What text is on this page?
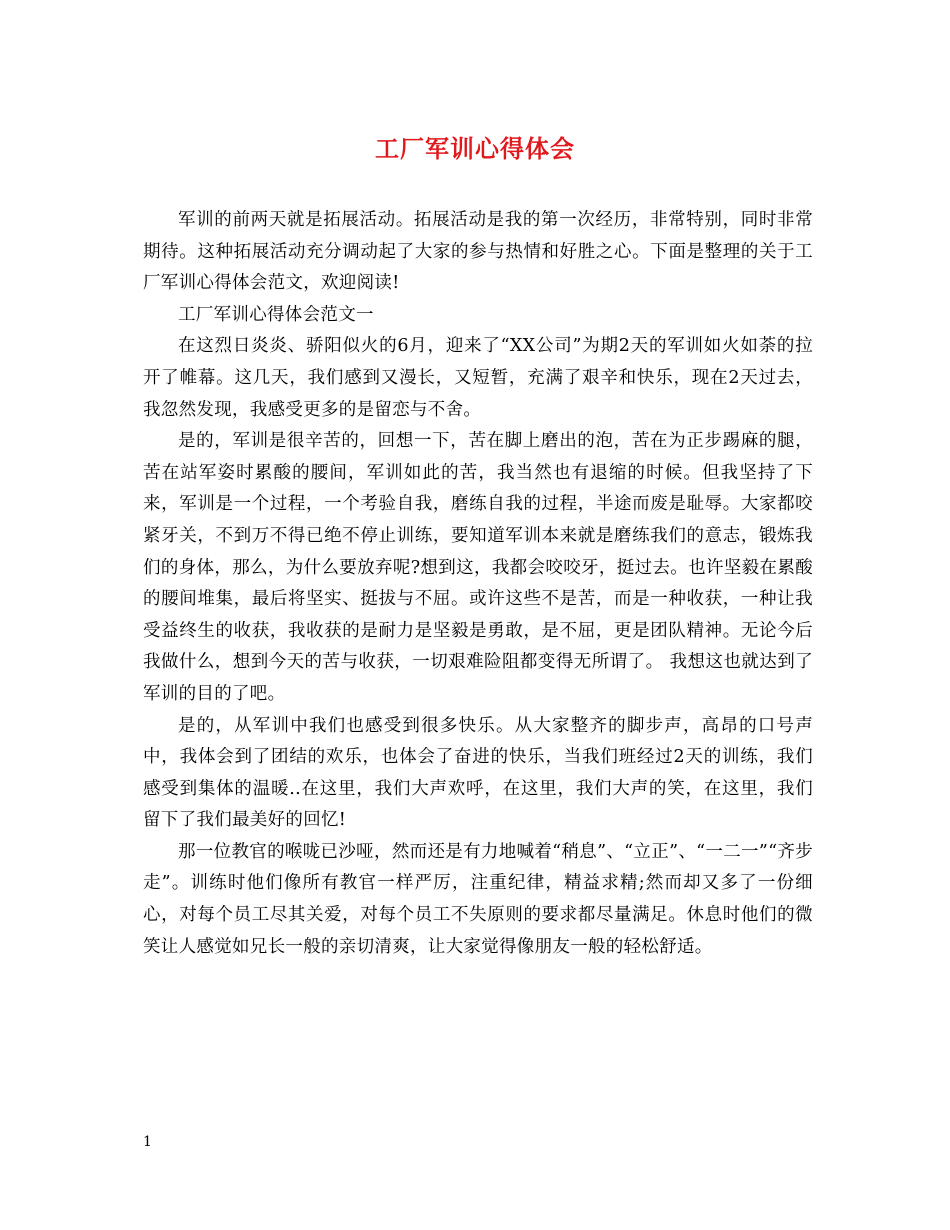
工厂军训心得体会

军训的前两天就是拓展活动。拓展活动是我的第一次经历，非常特别，同时非常期待。这种拓展活动充分调动起了大家的参与热情和好胜之心。下面是整理的关于工厂军训心得体会范文，欢迎阅读!

工厂军训心得体会范文一

在这烈日炎炎、骄阳似火的6月，迎来了“XX公司”为期2天的军训如火如荼的拉开了帷幕。这几天，我们感到又漫长，又短暂，充满了艰辛和快乐，现在2天过去，我忽然发现，我感受更多的是留恋与不舍。

是的，军训是很辛苦的，回想一下，苦在脚上磨出的泡，苦在为正步踢麻的腿，苦在站军姿时累酸的腰间，军训如此的苦，我当然也有退缩的时候。但我坚持了下来，军训是一个过程，一个考验自我，磨练自我的过程，半途而废是耻辱。大家都咬紧牙关，不到万不得已绝不停止训练，要知道军训本来就是磨练我们的意志，锻炼我们的身体，那么，为什么要放弃呢?想到这，我都会咬咬牙，挺过去。也许坚毅在累酸的腰间堆集，最后将坚实、挺拔与不屈。或许这些不是苦，而是一种收获，一种让我受益终生的收获，我收获的是耐力是坚毅是勇敢，是不屈，更是团队精神。无论今后我做什么，想到今天的苦与收获，一切艰难险阻都变得无所谓了。 我想这也就达到了军训的目的了吧。

是的，从军训中我们也感受到很多快乐。从大家整齐的脚步声，高昂的口号声中，我体会到了团结的欢乐，也体会了奋进的快乐，当我们班经过2天的训练，我们感受到集体的温暖..在这里，我们大声欢呼，在这里，我们大声的笑，在这里，我们留下了我们最美好的回忆!

那一位教官的喉咙已沙哑，然而还是有力地喊着“稍息”、“立正”、“一二一”“齐步走”。训练时他们像所有教官一样严厉，注重纪律，精益求精;然而却又多了一份细心，对每个员工尽其关爱，对每个员工不失原则的要求都尽量满足。休息时他们的微笑让人感觉如兄长一般的亲切清爽，让大家觉得像朋友一般的轻松舒适。

1
